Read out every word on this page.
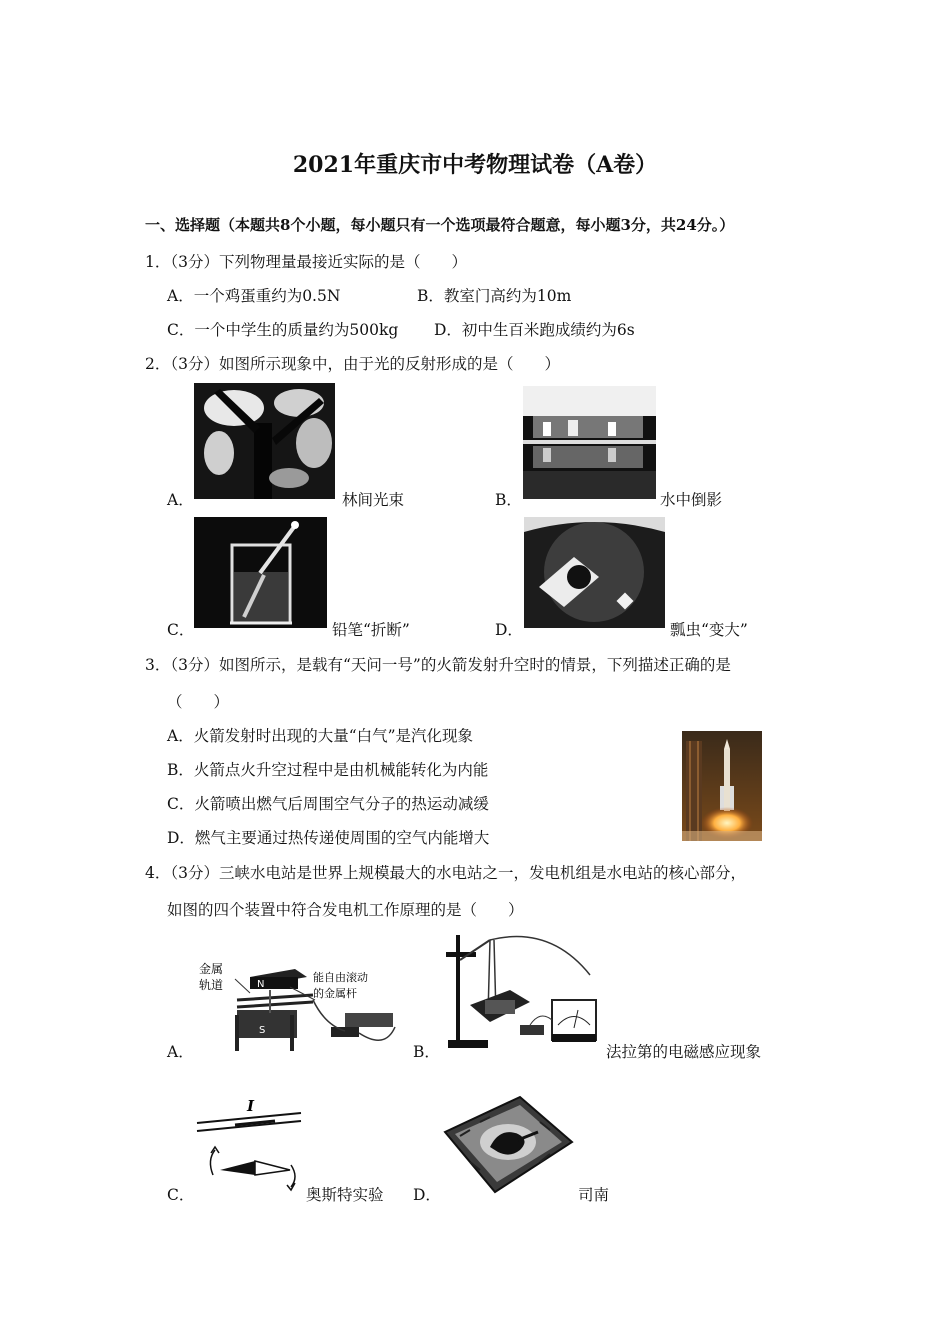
2021年重庆市中考物理试卷（A卷）
一、选择题（本题共8个小题，每小题只有一个选项最符合题意，每小题3分，共24分。）
1．（3分）下列物理量最接近实际的是（　　）
A．一个鸡蛋重约为0.5N	B．教室门高约为10m
C．一个中学生的质量约为500kg D．初中生百米跑成绩约为6s
2．（3分）如图所示现象中，由于光的反射形成的是（　　）
A．	林间光束	B．	水中倒影
C．	铅笔“折断”	D．	瓢虫“变大”
3．（3分）如图所示，是载有“天问一号”的火箭发射升空时的情景，下列描述正确的是
（　　）
A．火箭发射时出现的大量“白气”是汽化现象
B．火箭点火升空过程中是由机械能转化为内能
C．火箭喷出燃气后周围空气分子的热运动减缓
D．燃气主要通过热传递使周围的空气内能增大
4．（3分）三峡水电站是世界上规模最大的水电站之一，发电机组是水电站的核心部分，
如图的四个装置中符合发电机工作原理的是（　　）
A．
金属
轨道	N
S
能自由滚动
的金属杆
B．	法拉第的电磁感应现象
C．
I
奥斯特实验 D．	司南
